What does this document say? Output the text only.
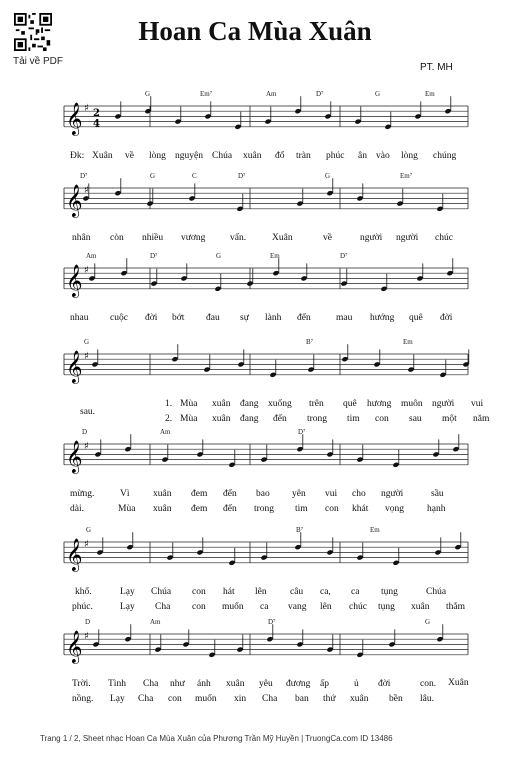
Tải về PDF
Hoan Ca Mùa Xuân
PT. MH
𝄞 ♯ 2
4
G	Em⁷	Am	D⁷	G	Em
Đk: Xuân về lòng nguyện Chúa xuân đổ tràn phúc ân vào lòng chúng
𝄞 ♯
D⁷	G	C	D⁷	G	Em⁷
nhân còn nhiều vương	vấn.	Xuân	về	người người chúc
𝄞 ♯
Am	D⁷	G	Em	D⁷
nhau cuộc đời bớt đau sự lành đến	mau hướng quê đời
𝄞 ♯
G	B⁷	Em
1. Mùa xuân đang xuống trên quê hương muôn người vui
2. Mùa xuân đang đến trong tim con sau một năm
sau.
𝄞 ♯
D	Am	D⁷
mừng.	Vì xuân đem đến bao yên vui cho người	sầu
dài.	Mùa xuân đem đến trong tim con khát vọng hạnh
𝄞 ♯
G	B⁷	Em
khổ.	Lạy Chúa con hát lên câu ca, ca tụng	Chúa
phúc.	Lạy Cha con muốn ca vang lên chúc tụng xuân thắm
𝄞 ♯
D	Am	D⁷	G
Trời. Tình Cha như ánh xuân yêu đương ấp	ủ đời	con.
nồng. Lạy Cha con muốn xin Cha ban thứ xuân bền lâu.
Xuân
Trang 1 / 2, Sheet nhạc Hoan Ca Mùa Xuân của Phương Trần Mỹ Huyền | TruongCa.com ID 13486
